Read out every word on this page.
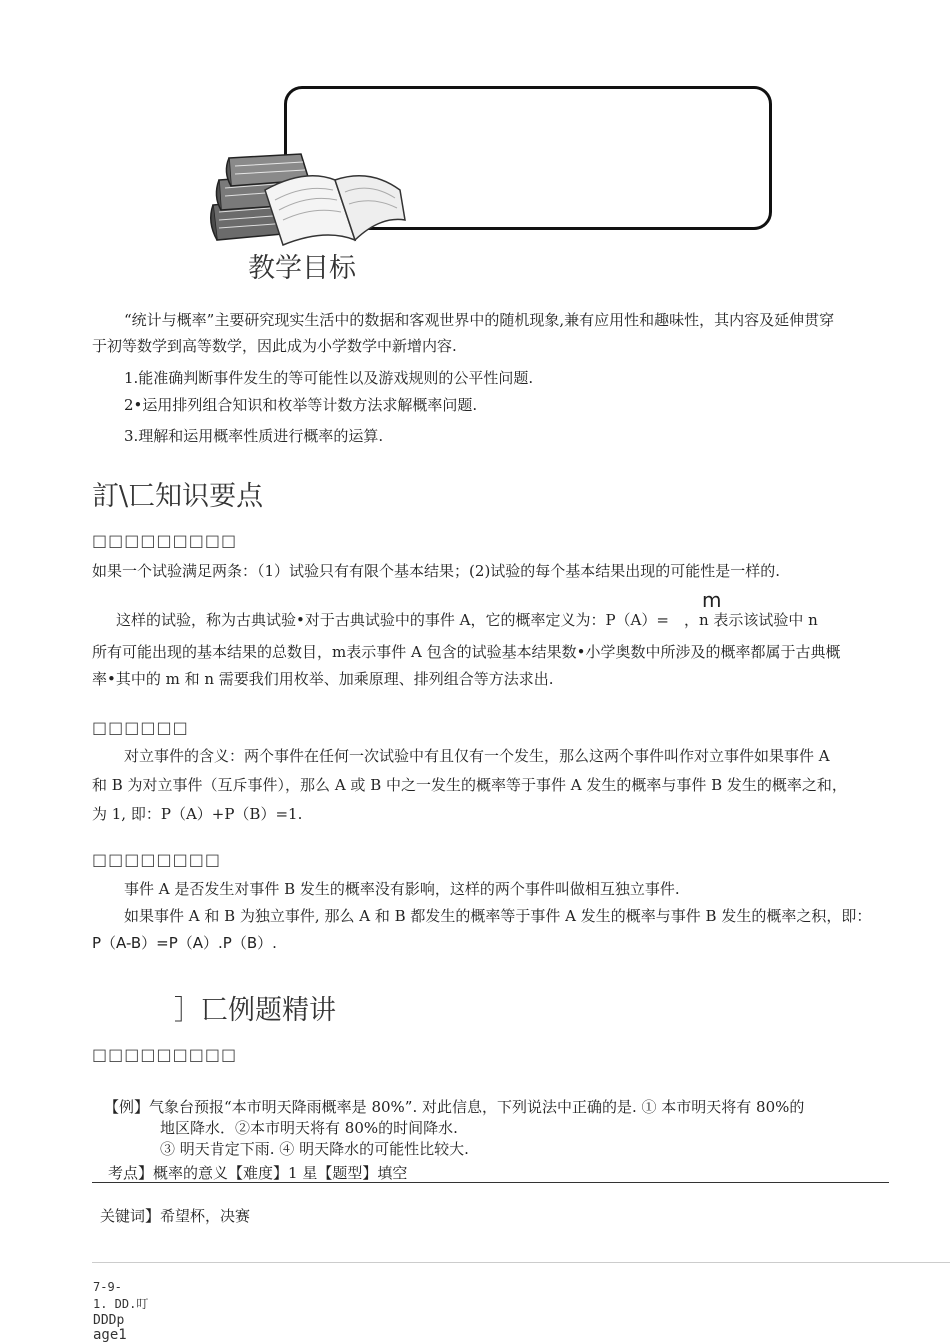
教学目标
“统计与概率”主要研究现实生活中的数据和客观世界中的随机现象,兼有应用性和趣味性，其内容及延伸贯穿
于初等数学到高等数学，因此成为小学数学中新增内容.
1.能准确判断事件发生的等可能性以及游戏规则的公平性问题.
2•运用排列组合知识和枚举等计数方法求解概率问题.
3.理解和运用概率性质进行概率的运算.
訂\匸知识要点
□□□□□□□□□
如果一个试验满足两条：（1）试验只有有限个基本结果；(2)试验的每个基本结果出现的可能性是一样的.
m
这样的试验，称为古典试验•对于古典试验中的事件 A，它的概率定义为：P（A）=　，n 表示该试验中 n
所有可能出现的基本结果的总数目，m表示事件 A 包含的试验基本结果数•小学奥数中所涉及的概率都属于古典概
率•其中的 m 和 n 需要我们用枚举、加乘原理、排列组合等方法求出.
□□□□□□
对立事件的含义：两个事件在任何一次试验中有且仅有一个发生，那么这两个事件叫作对立事件如果事件 A
和 B 为对立事件（互斥事件），那么 A 或 B 中之一发生的概率等于事件 A 发生的概率与事件 B 发生的概率之和，
为 1, 即：P（A）+P（B）=1.
□□□□□□□□
事件 A 是否发生对事件 B 发生的概率没有影响，这样的两个事件叫做相互独立事件.
如果事件 A 和 B 为独立事件, 那么 A 和 B 都发生的概率等于事件 A 发生的概率与事件 B 发生的概率之积，即：
P（A-B）=P（A）.P（B）.
］匸例题精讲
□□□□□□□□□
【例】气象台预报“本市明天降雨概率是 80%”. 对此信息，下列说法中正确的是. ① 本市明天将有 80%的
地区降水．②本市明天将有 80%的时间降水.
③ 明天肯定下雨. ④ 明天降水的可能性比较大.
考点】概率的意义【难度】1 星【题型】填空
关键词】希望杯，决赛
7-9-
1. DD.叮
DDDp
age1
